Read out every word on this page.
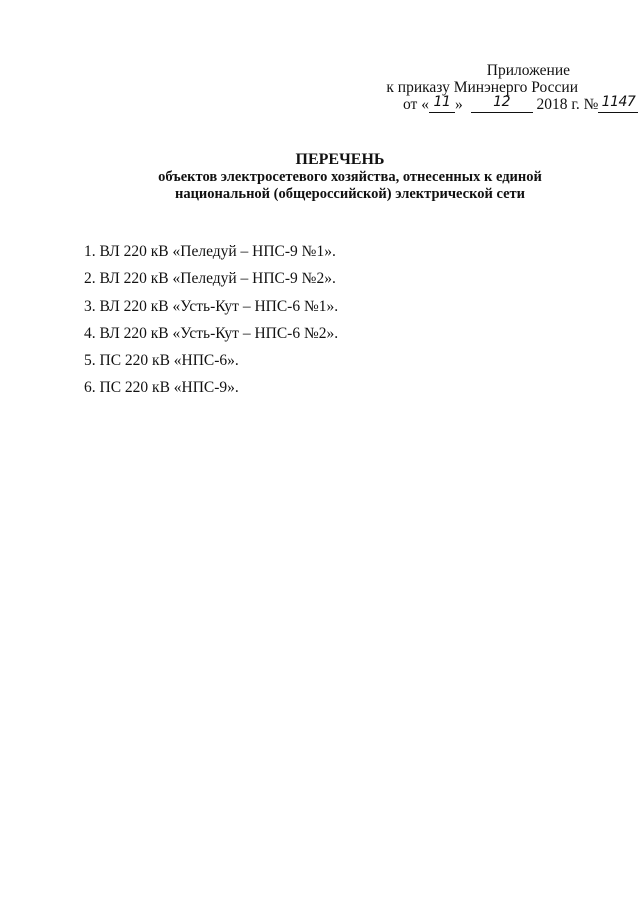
Приложение
к приказу Минэнерго России
от « 11 » 12 2018 г. № 1147
ПЕРЕЧЕНЬ
объектов электросетевого хозяйства, отнесенных к единой
национальной (общероссийской) электрической сети
1. ВЛ 220 кВ «Пеледуй – НПС-9 №1».
2. ВЛ 220 кВ «Пеледуй – НПС-9 №2».
3. ВЛ 220 кВ «Усть-Кут – НПС-6 №1».
4. ВЛ 220 кВ «Усть-Кут – НПС-6 №2».
5. ПС 220 кВ «НПС-6».
6. ПС 220 кВ «НПС-9».
